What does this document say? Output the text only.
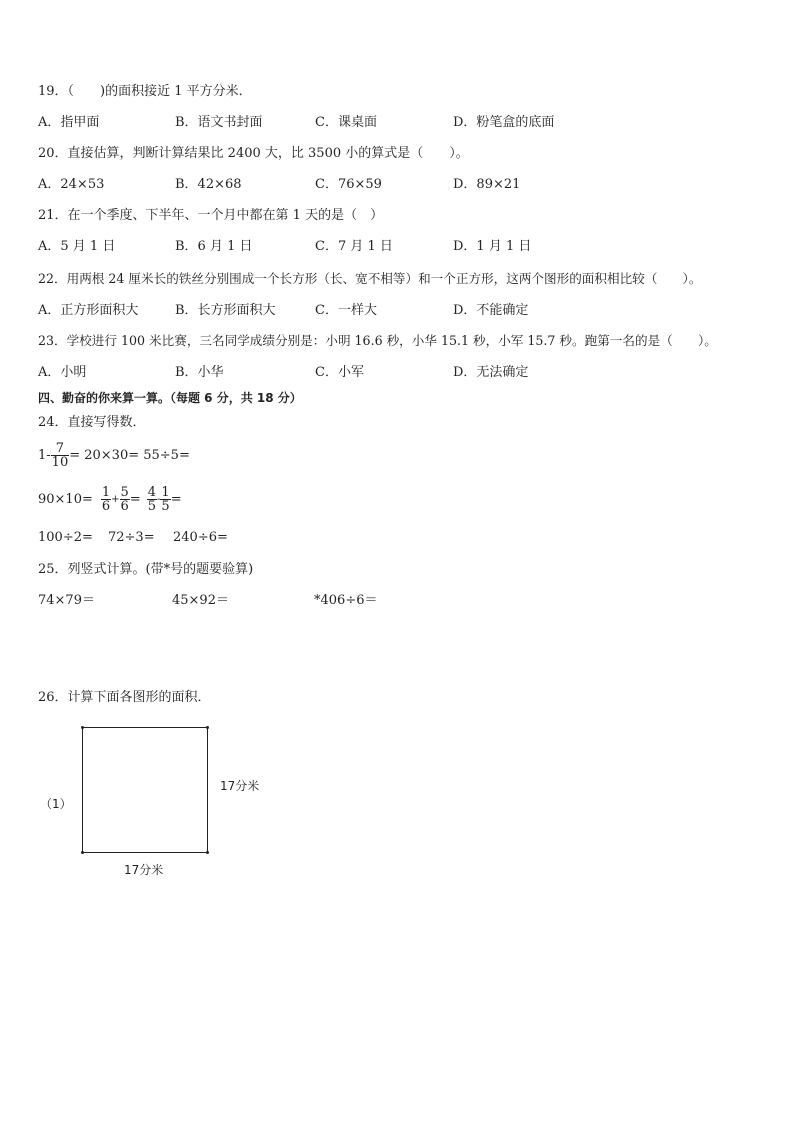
19．（　　)的面积接近 1 平方分米．
A．指甲面	B．语文书封面	C．课桌面	D．粉笔盒的底面
20．直接估算，判断计算结果比 2400 大，比 3500 小的算式是（　　）。
A．24×53	B．42×68	C．76×59	D．89×21
21．在一个季度、下半年、一个月中都在第 1 天的是（　）
A．5 月 1 日	B．6 月 1 日	C．7 月 1 日	D．1 月 1 日
22．用两根 24 厘米长的铁丝分别围成一个长方形（长、宽不相等）和一个正方形，这两个图形的面积相比较（　　）。
A．正方形面积大	B．长方形面积大	C．一样大	D．不能确定
23．学校进行 100 米比赛，三名同学成绩分别是：小明 16.6 秒，小华 15.1 秒，小军 15.7 秒。跑第一名的是（　　）。
A．小明	B．小华	C．小军	D．无法确定
四、勤奋的你来算一算。（每题 6 分，共 18 分）
24．直接写得数．
$1- \frac{7}{10} = 20\times 30= 55\div 5=$
$90\times 10= \frac{1}{6} + \frac{5}{6} = \frac{4}{5} - \frac{1}{5}$ =
100÷2= 72÷3= 240÷6=
25．列竖式计算。(带*号的题要验算)
74×79＝	45×92＝	*406÷6＝
26．计算下面各图形的面积．
（1）
17分米
17分米
